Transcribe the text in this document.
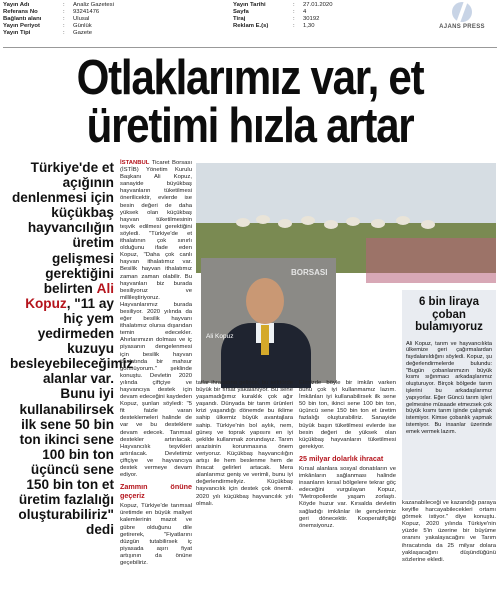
Yayın Adı	:	Analiz Gazetesi
Referans No	:	93241476
Bağlantı alanı	:	Ulusal
Yayın Periyot	:	Günlük
Yayın Tipi	:	Gazete
Yayın Tarihi	:	27.01.2020
Sayfa	:	4
Tiraj	:	30192
Reklam E.(s)	:	1,30	AJANS PRESS
Otlaklarımız var, et
üretimi hızla artar
Türkiye'de et açığının denlenmesi için küçükbaş hayvancılığın üretim gelişmesi gerektiğini belirten Ali Kopuz, "11 ay hiç yem yedirmeden kuzuyu besleyebileceğimiz alanlar var. Bunu iyi kullanabilirsek ilk sene 50 bin ton ikinci sene 100 bin ton üçüncü sene 150 bin ton et üretim fazlalığı oluşturabiliriz" dedi
İSTANBUL Ticaret Borsası (İSTİB) Yönetim Kurulu Başkanı Ali Kopuz, sanayide büyükbaş hayvanların tüketilmesi önerilicektir, evlerde ise besin değeri de daha yüksek olan küçükbaş hayvan tüketilmesinin teşvik edilmesi gerektiğini söyledi. "Türkiye'de et ithalatının çok sınırlı olduğunu ifade eden Kopuz, "Daha çok canlı hayvan ithalatımız var. Besilik hayvan ithalatımız zaman zaman olabilir. Bu hayvanları biz burada besiliyoruz ve millileştiriyoruz. Hayvanlarımız burada besiliyor. 2020 yılında da eğer besilik hayvanı ithalatımız olursa dışarıdan temin edecekler. Ahırlarımızın dolması ve iç piyasanın dengelenmesi için besilik hayvan ithalatında bir mahsur görmüyorum." şeklinde konuştu. Devletin 2020 yılında çiftçiye ve hayvancıya destek için devam edeceğini kaydeden Kopuz, şunları söyledi: "5 fit faizle varan desteklemeleri halinde de var ve bu desteklere devam edecek. Tarımsal destekler artırılacak. Hayvancılık teşvikleri artırılacak. Devletimiz çiftçiye ve hayvancıya destek vermeye devam ediyor.
Zammın önüne geçeriz
Kopuz, Türkiye'de tarımsal üretimde en büyük maliyet kalemlerinin mazot ve gübre olduğunu dile getirerek, "Fiyatlarını düzgün tutabilirsek iç piyasada aşırı fiyat artışının da önüne geçebiliriz.
BORSASI
Ali Kopuz
6 bin liraya çoban bulamıyoruz
Ali Kopuz, tarım ve hayvancılıkta ülkemize geri çağırmalardan faydalanıldığını söyledi. Kopuz, şu değerlendirmelerde bulundu: "Bugün çobanlarımızın büyük kısmı sığınmacı arkadaşlarımız oluşturuyor. Birçok bölgede tarım işlerini bu arkadaşlarımız yapıyorlar. Eğer Güncü tarım işleri gelmesine müsaade etmezsek çok büyük kısmı tarım işinde çalışmak istemiyor. Kimse çobanlık yapmak istemiyor. Bu insanlar üzerinde emek vermek lazım.
tatlar ihracatına gelince, bu sektörde büyük bir fırsat yakalanıyor. Bu sene yaşamadığımız kuraklık çok ağır yaşandı. Dünyada bir tarım ürünleri krizi yaşandığı dönemde bu iklime sahip ülkemiz büyük avantajlara sahip. Türkiye'nin bol aylık, nem, güneş ve toprak yapısını en iyi şekilde kullanmak zorundayız. Tarım arazisinin korunmasına önem veriyoruz. Küçükbaş hayvancılığın artışı ile hem beslenme hem de ihracat gelirleri artacak. Mera alanlarımız geniş ve verimli, bunu iyi değerlendirmeliyiz. Küçükbaş hayvancılık için destek çok önemli. 2020 yılı küçükbaş hayvancılık yılı olmalı.
Elimizde böyle bir imkân varken bunu çok iyi kullanmamız lazım. İmkânları iyi kullanabilirsek ilk sene 50 bin ton, ikinci sene 100 bin ton, üçüncü sene 150 bin ton et üretim fazlalığı oluşturabiliriz. Sanayide büyük başın tüketilmesi evlerde ise besin değeri de yüksek olan küçükbaş hayvanların tüketilmesi gerekiyor.
25 milyar dolarlık ihracat
Kırsal alanlara sosyal donatıların ve imkânların sağlanması halinde insanların kırsal bölgelere tekrar göç edeceğini vurgulayan Kopuz, "Metropollerde yaşam zorlaştı. Köyde huzur var. Kırsalda devletin sağladığı imkânlar ile gençlerimiz geri dönecektir. Kooperatifçiliği önemsiyoruz.
kazanabileceği ve kazandığı paraya keyifle harcayabilecekleri ortamı görmek istiyor." diye konuştu. Kopuz, 2020 yılında Türkiye'nin yüzde 5'in üzerine bir büyüme oranını yakalayacağını ve Tarım ihracatında da 25 milyar dolara yaklaşacağını düşündüğünü sözlerine ekledi.
